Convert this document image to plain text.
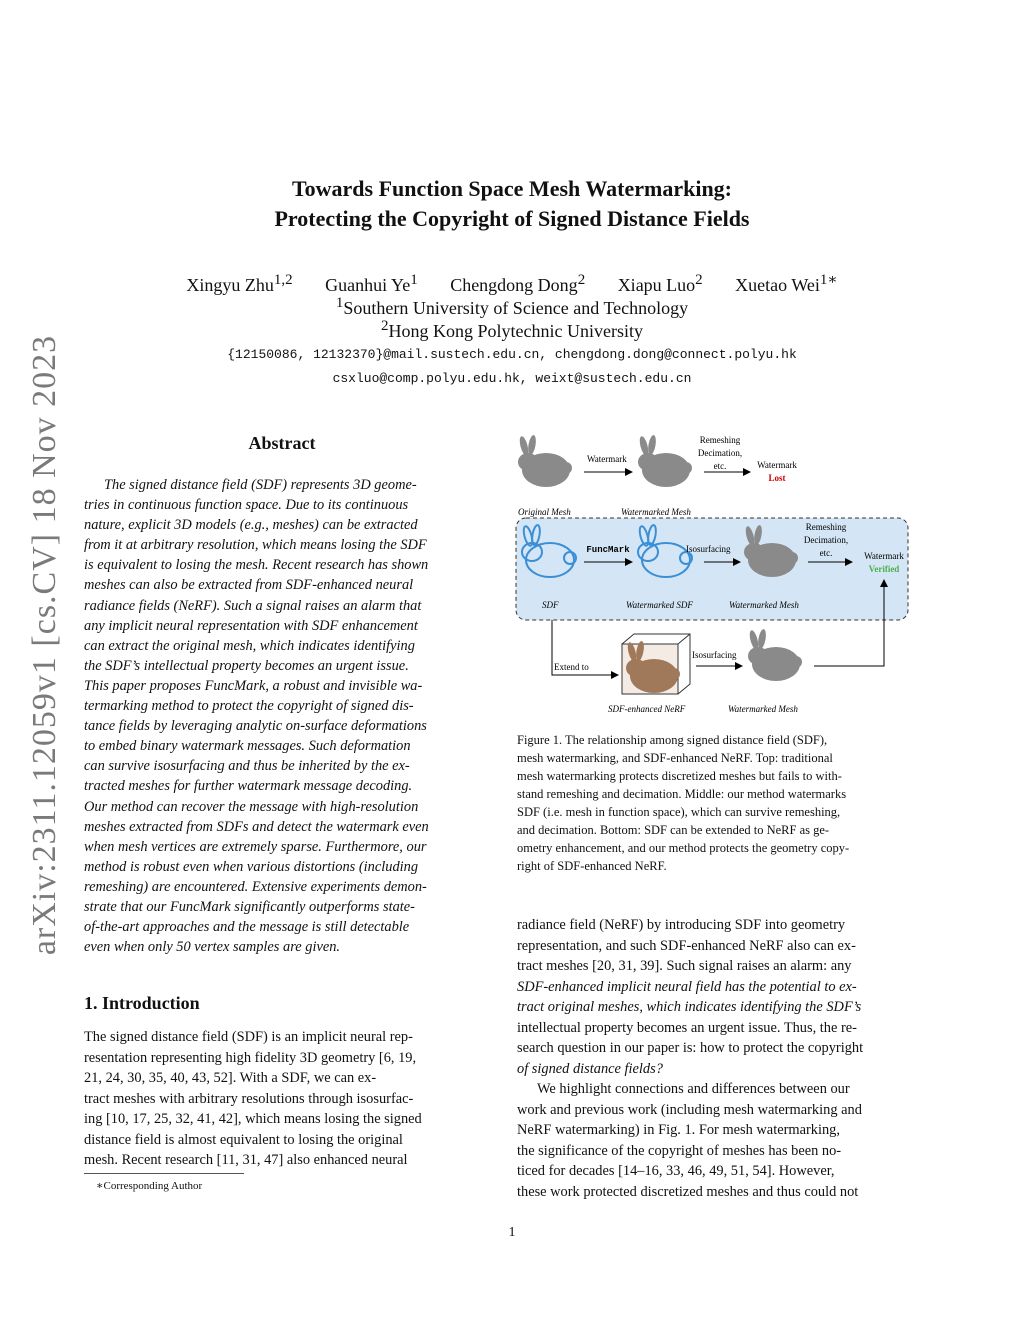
arXiv:2311.12059v1 [cs.CV] 18 Nov 2023
Towards Function Space Mesh Watermarking:
Protecting the Copyright of Signed Distance Fields
Xingyu Zhu$^{1,2}$ Guanhui Ye$^1$ Chengdong Dong$^2$ Xiapu Luo$^2$ Xuetao Wei$^{1∗}$
$^1$Southern University of Science and Technology
$^2$Hong Kong Polytechnic University
{12150086, 12132370}@mail.sustech.edu.cn, chengdong.dong@connect.polyu.hk
csxluo@comp.polyu.edu.hk, weixt@sustech.edu.cn
Abstract
The signed distance field (SDF) represents 3D geome-
tries in continuous function space. Due to its continuous
nature, explicit 3D models (e.g., meshes) can be extracted
from it at arbitrary resolution, which means losing the SDF
is equivalent to losing the mesh. Recent research has shown
meshes can also be extracted from SDF-enhanced neural
radiance fields (NeRF). Such a signal raises an alarm that
any implicit neural representation with SDF enhancement
can extract the original mesh, which indicates identifying
the SDF’s intellectual property becomes an urgent issue.
This paper proposes FuncMark, a robust and invisible wa-
termarking method to protect the copyright of signed dis-
tance fields by leveraging analytic on-surface deformations
to embed binary watermark messages. Such deformation
can survive isosurfacing and thus be inherited by the ex-
tracted meshes for further watermark message decoding.
Our method can recover the message with high-resolution
meshes extracted from SDFs and detect the watermark even
when mesh vertices are extremely sparse. Furthermore, our
method is robust even when various distortions (including
remeshing) are encountered. Extensive experiments demon-
strate that our FuncMark significantly outperforms state-
of-the-art approaches and the message is still detectable
even when only 50 vertex samples are given.
1. Introduction
The signed distance field (SDF) is an implicit neural rep-
resentation representing high fidelity 3D geometry [6, 19,
21, 24, 30, 35, 40, 43, 52]. With a SDF, we can ex-
tract meshes with arbitrary resolutions through isosurfac-
ing [10, 17, 25, 32, 41, 42], which means losing the signed
distance field is almost equivalent to losing the original
mesh. Recent research [11, 31, 47] also enhanced neural
∗Corresponding Author
Original Mesh
Watermark
Watermarked Mesh
Remeshing
Decimation,
etc.	Watermark
Lost
SDF
FuncMark
Watermarked SDF
Isosurfacing
Watermarked Mesh
Remeshing
Decimation,
etc.	Watermark
Verified
Extend to
SDF-enhanced NeRF
Isosurfacing
Watermarked Mesh
Figure 1. The relationship among signed distance field (SDF),
mesh watermarking, and SDF-enhanced NeRF. Top: traditional
mesh watermarking protects discretized meshes but fails to with-
stand remeshing and decimation. Middle: our method watermarks
SDF (i.e. mesh in function space), which can survive remeshing,
and decimation. Bottom: SDF can be extended to NeRF as ge-
ometry enhancement, and our method protects the geometry copy-
right of SDF-enhanced NeRF.
radiance field (NeRF) by introducing SDF into geometry
representation, and such SDF-enhanced NeRF also can ex-
tract meshes [20, 31, 39]. Such signal raises an alarm: any
SDF-enhanced implicit neural field has the potential to ex-
tract original meshes, which indicates identifying the SDF’s
intellectual property becomes an urgent issue. Thus, the re-
search question in our paper is: how to protect the copyright
of signed distance fields?
We highlight connections and differences between our
work and previous work (including mesh watermarking and
NeRF watermarking) in Fig. 1. For mesh watermarking,
the significance of the copyright of meshes has been no-
ticed for decades [14–16, 33, 46, 49, 51, 54]. However,
these work protected discretized meshes and thus could not
1
